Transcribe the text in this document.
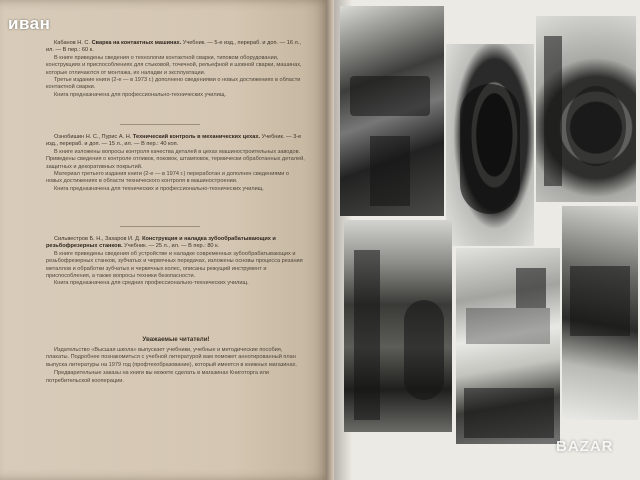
Кабанов Н. С. Сварка на контактных машинах. Учебник. — 5-е изд., перераб. и доп. — 16 л., ил. — В пер.: 60 к.

В книге приведены сведения о технологии контактной сварки, типовом оборудовании, конструкциях и приспособлениях для стыковой, точечной, рельефной и шовной сварки, машинах, которые отличаются от монтажа, их наладки и эксплуатации.

Третье издание книги (2-е — в 1973 г.) дополнено сведениями о новых достижениях в области контактной сварки.

Книга предназначена для профессионально-технических училищ.

Ознобишин Н. С., Пурис А. Н. Технический контроль в механических цехах. Учебник. — 3-е изд., перераб. и доп. — 15 л., ил. — В пер.: 40 коп.

В книге изложены вопросы контроля качества деталей в цехах машиностроительных заводов. Приведены сведения о контроле отливок, поковок, штамповок, термически обработанных деталей, защитных и декоративных покрытий.

Материал третьего издания книги (2-е — в 1974 г.) переработан и дополнен сведениями о новых достижениях в области технического контроля в машиностроении.

Книга предназначена для технических и профессионально-технических училищ.

Сильвестров Б. Н., Захаров И. Д. Конструкция и наладка зубообрабатывающих и резьбофрезерных станков. Учебник. — 25 л., ил. — В пер.: 80 к.

В книге приведены сведения об устройстве и наладке современных зубообрабатывающих и резьбофрезерных станков, зубчатых и червячных передачах, изложены основы процесса резания металлов и обработки зубчатых и червячных колес, описаны режущий инструмент и приспособления, а также вопросы техники безопасности.

Книга предназначена для средних профессионально-технических училищ.

Уважаемые читатели!

Издательство «Высшая школа» выпускает учебники, учебные и методические пособия, плакаты. Подробнее познакомиться с учебной литературой вам поможет аннотированный план выпуска литературы на 1979 год (профтехобразование), который имеется в книжных магазинах.

Предварительные заказы на книги вы можете сделать в магазинах Книготорга или потребительской кооперации.

иван
BAZAR
